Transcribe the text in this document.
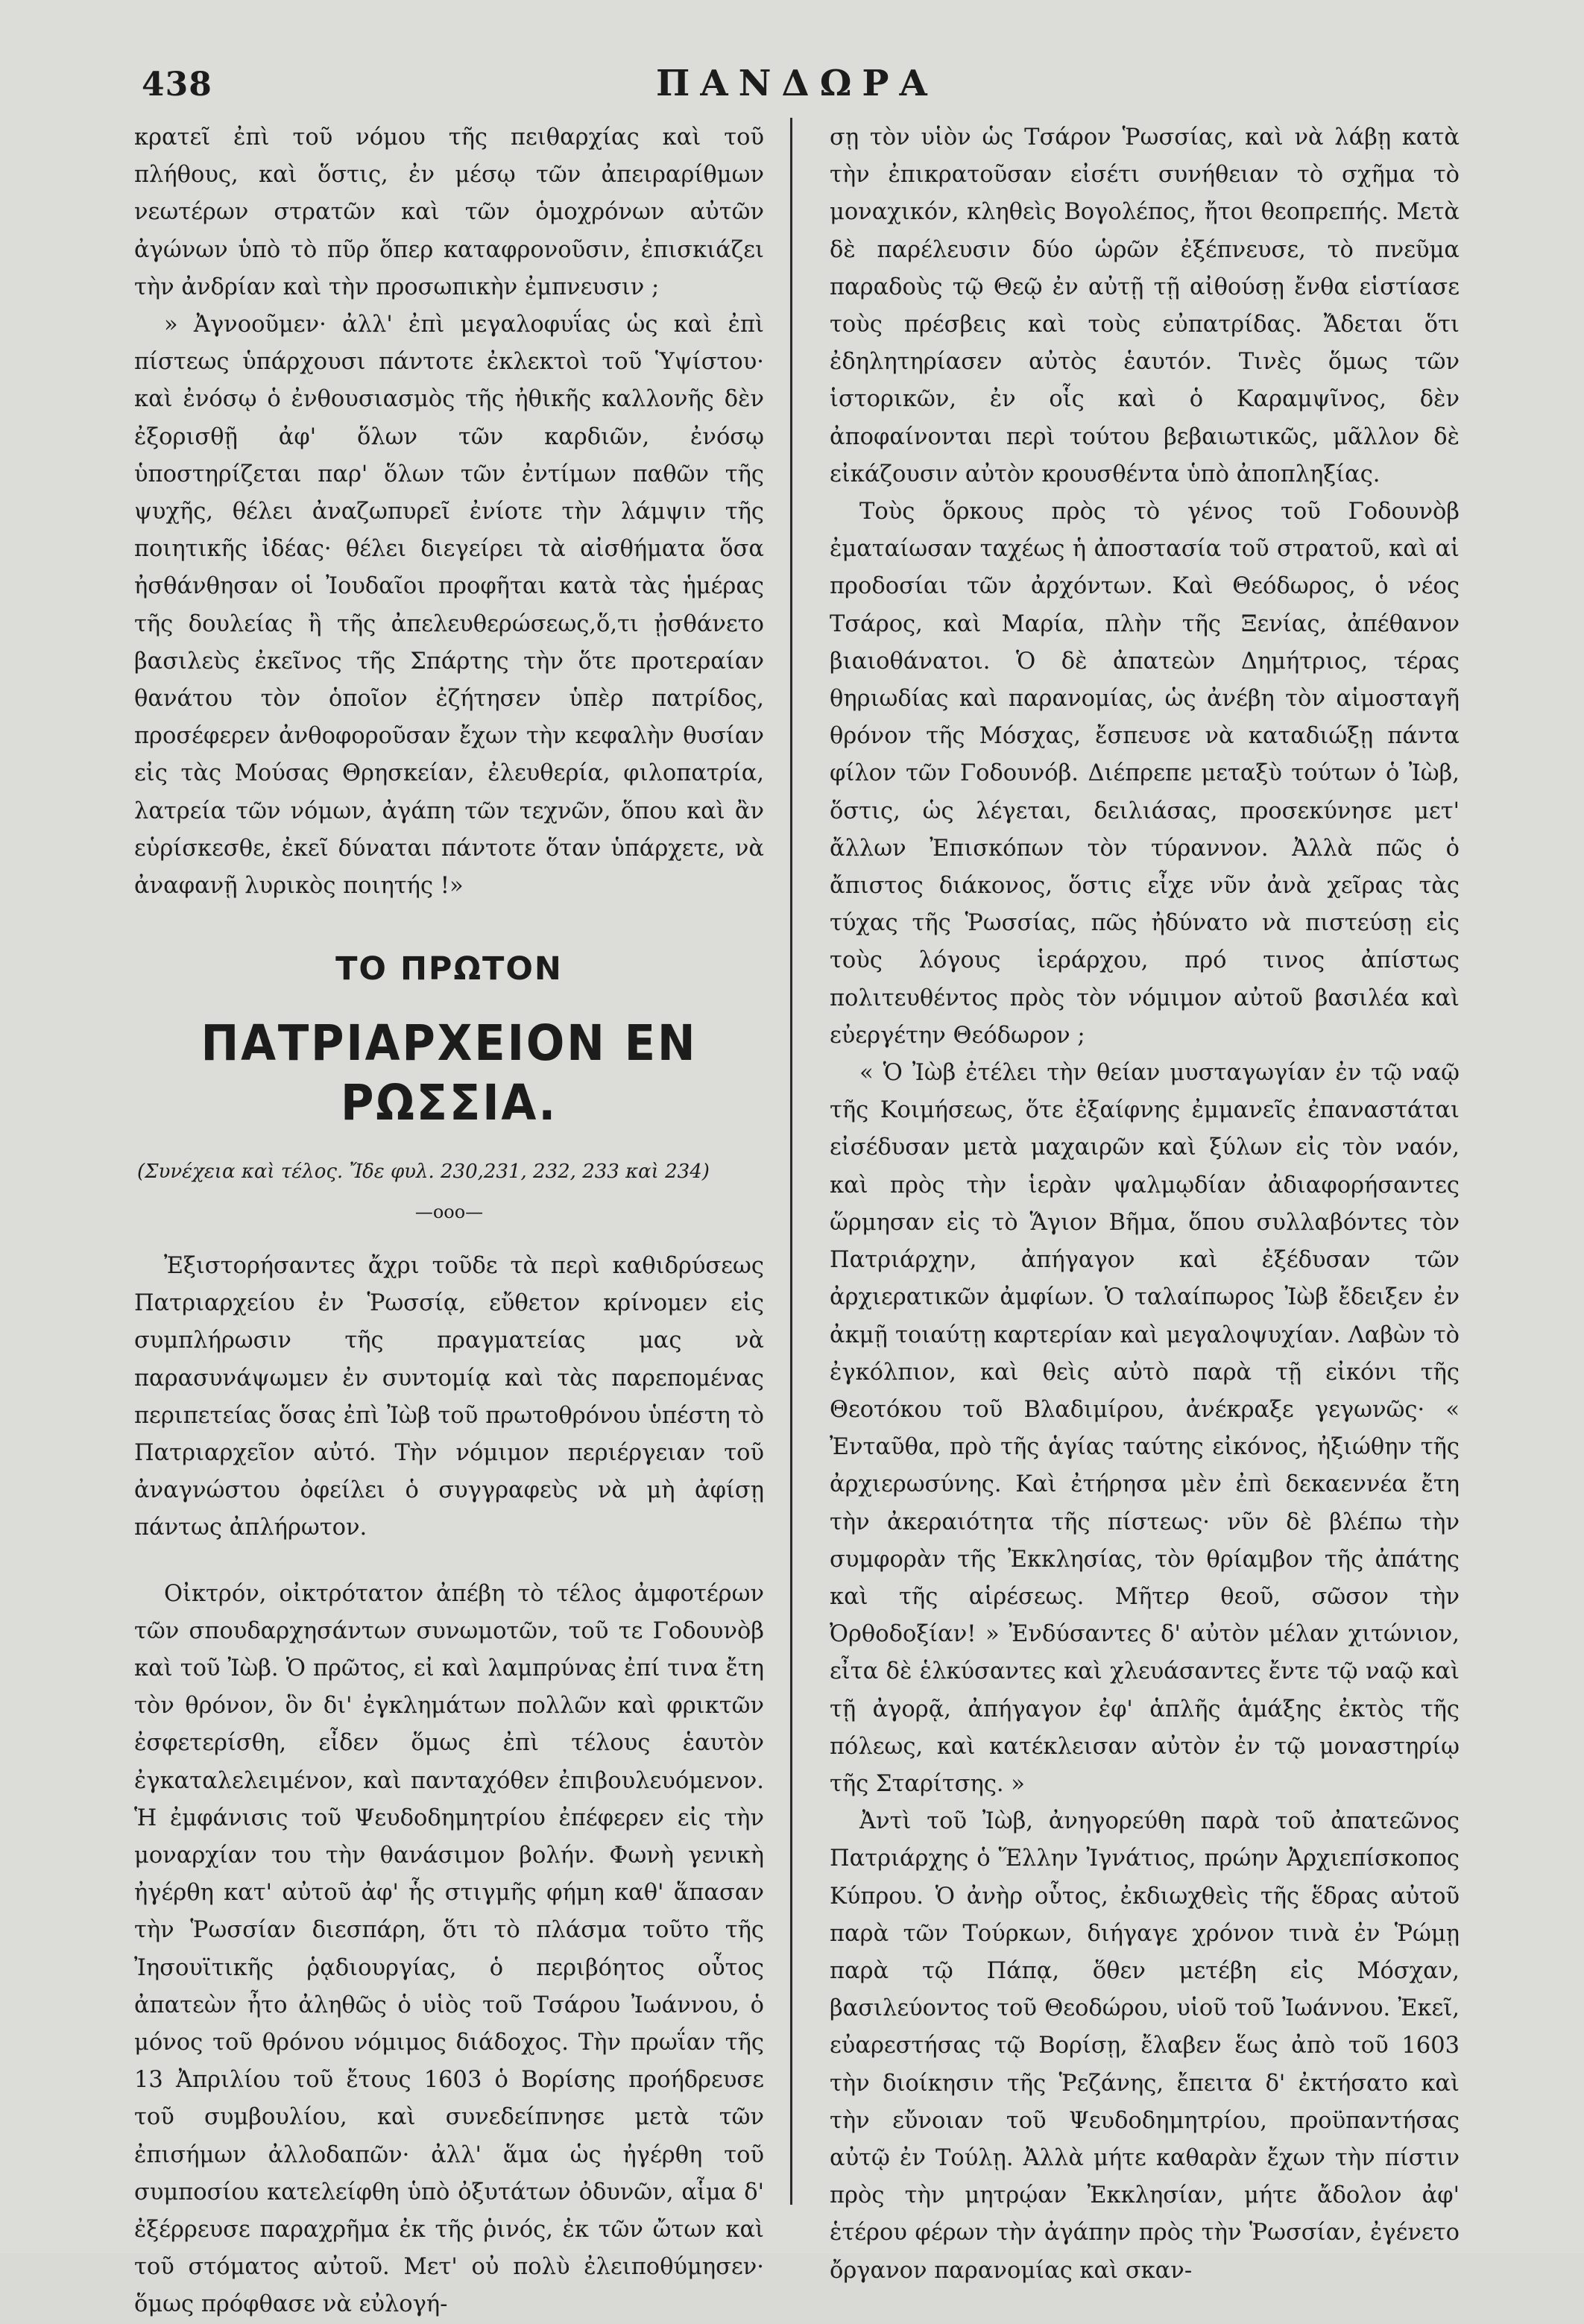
438	ΠΑΝΔΩΡΑ

κρατεῖ ἐπὶ τοῦ νόμου τῆς πειθαρχίας καὶ τοῦ πλήθους, καὶ ὅστις, ἐν μέσῳ τῶν ἀπειραρίθμων νεωτέρων στρατῶν καὶ τῶν ὁμοχρόνων αὐτῶν ἀγώνων ὑπὸ τὸ πῦρ ὅπερ καταφρονοῦσιν, ἐπισκιάζει τὴν ἀνδρίαν καὶ τὴν προσωπικὴν ἐμπνευσιν ;

» Ἀγνοοῦμεν· ἀλλ' ἐπὶ μεγαλοφυΐας ὡς καὶ ἐπὶ πίστεως ὑπάρχουσι πάντοτε ἐκλεκτοὶ τοῦ Ὑψίστου· καὶ ἐνόσῳ ὁ ἐνθουσιασμὸς τῆς ἠθικῆς καλλονῆς δὲν ἐξορισθῇ ἀφ' ὅλων τῶν καρδιῶν, ἐνόσῳ ὑποστηρίζεται παρ' ὅλων τῶν ἐντίμων παθῶν τῆς ψυχῆς, θέλει ἀναζωπυρεῖ ἐνίοτε τὴν λάμψιν τῆς ποιητικῆς ἰδέας· θέλει διεγείρει τὰ αἰσθήματα ὅσα ἠσθάνθησαν οἱ Ἰουδαῖοι προφῆται κατὰ τὰς ἡμέρας τῆς δουλείας ἢ τῆς ἀπελευθερώσεως,ὅ,τι ᾐσθάνετο βασιλεὺς ἐκεῖνος τῆς Σπάρτης τὴν ὅτε προτεραίαν θανάτου τὸν ὁποῖον ἐζήτησεν ὑπὲρ πατρίδος, προσέφερεν ἀνθοφοροῦσαν ἔχων τὴν κεφαλὴν θυσίαν εἰς τὰς Μούσας Θρησκείαν, ἐλευθερία, φιλοπατρία, λατρεία τῶν νόμων, ἀγάπη τῶν τεχνῶν, ὅπου καὶ ἂν εὑρίσκεσθε, ἐκεῖ δύναται πάντοτε ὅταν ὑπάρχετε, νὰ ἀναφανῇ λυρικὸς ποιητής !»

ΤΟ ΠΡΩΤΟΝ
ΠΑΤΡΙΑΡΧΕΙΟΝ ΕΝ ΡΩΣΣΙΑ.
(Συνέχεια καὶ τέλος. Ἴδε φυλ. 230,231, 232, 233 καὶ 234)
—ooo—

Ἐξιστορήσαντες ἄχρι τοῦδε τὰ περὶ καθιδρύσεως Πατριαρχείου ἐν Ῥωσσίᾳ, εὔθετον κρίνομεν εἰς συμπλήρωσιν τῆς πραγματείας μας νὰ παρασυνάψωμεν ἐν συντομίᾳ καὶ τὰς παρεπομένας περιπετείας ὅσας ἐπὶ Ἰὼβ τοῦ πρωτοθρόνου ὑπέστη τὸ Πατριαρχεῖον αὐτό. Τὴν νόμιμον περιέργειαν τοῦ ἀναγνώστου ὀφείλει ὁ συγγραφεὺς νὰ μὴ ἀφίσῃ πάντως ἀπλήρωτον.

Οἰκτρόν, οἰκτρότατον ἀπέβη τὸ τέλος ἀμφοτέρων τῶν σπουδαρχησάντων συνωμοτῶν, τοῦ τε Γοδουνὸβ καὶ τοῦ Ἰὼβ. Ὁ πρῶτος, εἰ καὶ λαμπρύνας ἐπί τινα ἔτη τὸν θρόνον, ὃν δι' ἐγκλημάτων πολλῶν καὶ φρικτῶν ἐσφετερίσθη, εἶδεν ὅμως ἐπὶ τέλους ἑαυτὸν ἐγκαταλελειμένον, καὶ πανταχόθεν ἐπιβουλευόμενον. Ἡ ἐμφάνισις τοῦ Ψευδοδημητρίου ἐπέφερεν εἰς τὴν μοναρχίαν του τὴν θανάσιμον βολήν. Φωνὴ γενικὴ ἠγέρθη κατ' αὐτοῦ ἀφ' ἧς στιγμῆς φήμη καθ' ἅπασαν τὴν Ῥωσσίαν διεσπάρη, ὅτι τὸ πλάσμα τοῦτο τῆς Ἰησουϊτικῆς ῥᾳδιουργίας, ὁ περιβόητος οὗτος ἀπατεὼν ἦτο ἀληθῶς ὁ υἱὸς τοῦ Τσάρου Ἰωάννου, ὁ μόνος τοῦ θρόνου νόμιμος διάδοχος. Τὴν πρωΐαν τῆς 13 Ἀπριλίου τοῦ ἔτους 1603 ὁ Βορίσης προήδρευσε τοῦ συμβουλίου, καὶ συνεδείπνησε μετὰ τῶν ἐπισήμων ἀλλοδαπῶν· ἀλλ' ἅμα ὡς ἠγέρθη τοῦ συμποσίου κατελείφθη ὑπὸ ὀξυτάτων ὀδυνῶν, αἷμα δ' ἐξέρρευσε παραχρῆμα ἐκ τῆς ῥινός, ἐκ τῶν ὤτων καὶ τοῦ στόματος αὐτοῦ. Μετ' οὐ πολὺ ἐλειποθύμησεν· ὅμως πρόφθασε νὰ εὐλογή-

σῃ τὸν υἱὸν ὡς Τσάρον Ῥωσσίας, καὶ νὰ λάβῃ κατὰ τὴν ἐπικρατοῦσαν εἰσέτι συνήθειαν τὸ σχῆμα τὸ μοναχικόν, κληθεὶς Βογολέπος, ἤτοι θεοπρεπής. Μετὰ δὲ παρέλευσιν δύο ὡρῶν ἐξέπνευσε, τὸ πνεῦμα παραδοὺς τῷ Θεῷ ἐν αὐτῇ τῇ αἰθούσῃ ἔνθα εἱστίασε τοὺς πρέσβεις καὶ τοὺς εὐπατρίδας. Ἄδεται ὅτι ἐδηλητηρίασεν αὐτὸς ἑαυτόν. Τινὲς ὅμως τῶν ἱστορικῶν, ἐν οἷς καὶ ὁ Καραμψῖνος, δὲν ἀποφαίνονται περὶ τούτου βεβαιωτικῶς, μᾶλλον δὲ εἰκάζουσιν αὐτὸν κρουσθέντα ὑπὸ ἀποπληξίας.

Τοὺς ὅρκους πρὸς τὸ γένος τοῦ Γοδουνὸβ ἐματαίωσαν ταχέως ἡ ἀποστασία τοῦ στρατοῦ, καὶ αἱ προδοσίαι τῶν ἀρχόντων. Καὶ Θεόδωρος, ὁ νέος Τσάρος, καὶ Μαρία, πλὴν τῆς Ξενίας, ἀπέθανον βιαιοθάνατοι. Ὁ δὲ ἀπατεὼν Δημήτριος, τέρας θηριωδίας καὶ παρανομίας, ὡς ἀνέβη τὸν αἱμοσταγῆ θρόνον τῆς Μόσχας, ἔσπευσε νὰ καταδιώξῃ πάντα φίλον τῶν Γοδουνόβ. Διέπρεπε μεταξὺ τούτων ὁ Ἰὼβ, ὅστις, ὡς λέγεται, δειλιάσας, προσεκύνησε μετ' ἄλλων Ἐπισκόπων τὸν τύραννον. Ἀλλὰ πῶς ὁ ἄπιστος διάκονος, ὅστις εἶχε νῦν ἀνὰ χεῖρας τὰς τύχας τῆς Ῥωσσίας, πῶς ἠδύνατο νὰ πιστεύσῃ εἰς τοὺς λόγους ἱεράρχου, πρό τινος ἀπίστως πολιτευθέντος πρὸς τὸν νόμιμον αὐτοῦ βασιλέα καὶ εὐεργέτην Θεόδωρον ;

« Ὁ Ἰὼβ ἐτέλει τὴν θείαν μυσταγωγίαν ἐν τῷ ναῷ τῆς Κοιμήσεως, ὅτε ἐξαίφνης ἐμμανεῖς ἐπαναστάται εἰσέδυσαν μετὰ μαχαιρῶν καὶ ξύλων εἰς τὸν ναόν, καὶ πρὸς τὴν ἱερὰν ψαλμῳδίαν ἀδιαφορήσαντες ὥρμησαν εἰς τὸ Ἅγιον Βῆμα, ὅπου συλλαβόντες τὸν Πατριάρχην, ἀπήγαγον καὶ ἐξέδυσαν τῶν ἀρχιερατικῶν ἀμφίων. Ὁ ταλαίπωρος Ἰὼβ ἔδειξεν ἐν ἀκμῇ τοιαύτῃ καρτερίαν καὶ μεγαλοψυχίαν. Λαβὼν τὸ ἐγκόλπιον, καὶ θεὶς αὐτὸ παρὰ τῇ εἰκόνι τῆς Θεοτόκου τοῦ Βλαδιμίρου, ἀνέκραξε γεγωνῶς· « Ἐνταῦθα, πρὸ τῆς ἁγίας ταύτης εἰκόνος, ἠξιώθην τῆς ἀρχιερωσύνης. Καὶ ἐτήρησα μὲν ἐπὶ δεκαεννέα ἔτη τὴν ἀκεραιότητα τῆς πίστεως· νῦν δὲ βλέπω τὴν συμφορὰν τῆς Ἐκκλησίας, τὸν θρίαμβον τῆς ἀπάτης καὶ τῆς αἱρέσεως. Μῆτερ θεοῦ, σῶσον τὴν Ὀρθοδοξίαν! » Ἐνδύσαντες δ' αὐτὸν μέλαν χιτώνιον, εἶτα δὲ ἑλκύσαντες καὶ χλευάσαντες ἔντε τῷ ναῷ καὶ τῇ ἀγορᾷ, ἀπήγαγον ἐφ' ἁπλῆς ἁμάξης ἐκτὸς τῆς πόλεως, καὶ κατέκλεισαν αὐτὸν ἐν τῷ μοναστηρίῳ τῆς Σταρίτσης. »

Ἀντὶ τοῦ Ἰὼβ, ἀνηγορεύθη παρὰ τοῦ ἀπατεῶνος Πατριάρχης ὁ Ἕλλην Ἰγνάτιος, πρώην Ἀρχιεπίσκοπος Κύπρου. Ὁ ἀνὴρ οὗτος, ἐκδιωχθεὶς τῆς ἕδρας αὐτοῦ παρὰ τῶν Τούρκων, διήγαγε χρόνον τινὰ ἐν Ῥώμῃ παρὰ τῷ Πάπᾳ, ὅθεν μετέβη εἰς Μόσχαν, βασιλεύοντος τοῦ Θεοδώρου, υἱοῦ τοῦ Ἰωάννου. Ἐκεῖ, εὐαρεστήσας τῷ Βορίσῃ, ἔλαβεν ἕως ἀπὸ τοῦ 1603 τὴν διοίκησιν τῆς Ῥεζάνης, ἔπειτα δ' ἐκτήσατο καὶ τὴν εὔνοιαν τοῦ Ψευδοδημητρίου, προϋπαντήσας αὐτῷ ἐν Τούλῃ. Ἀλλὰ μήτε καθαρὰν ἔχων τὴν πίστιν πρὸς τὴν μητρῴαν Ἐκκλησίαν, μήτε ἄδολον ἀφ' ἑτέρου φέρων τὴν ἀγάπην πρὸς τὴν Ῥωσσίαν, ἐγένετο ὄργανον παρανομίας καὶ σκαν-
